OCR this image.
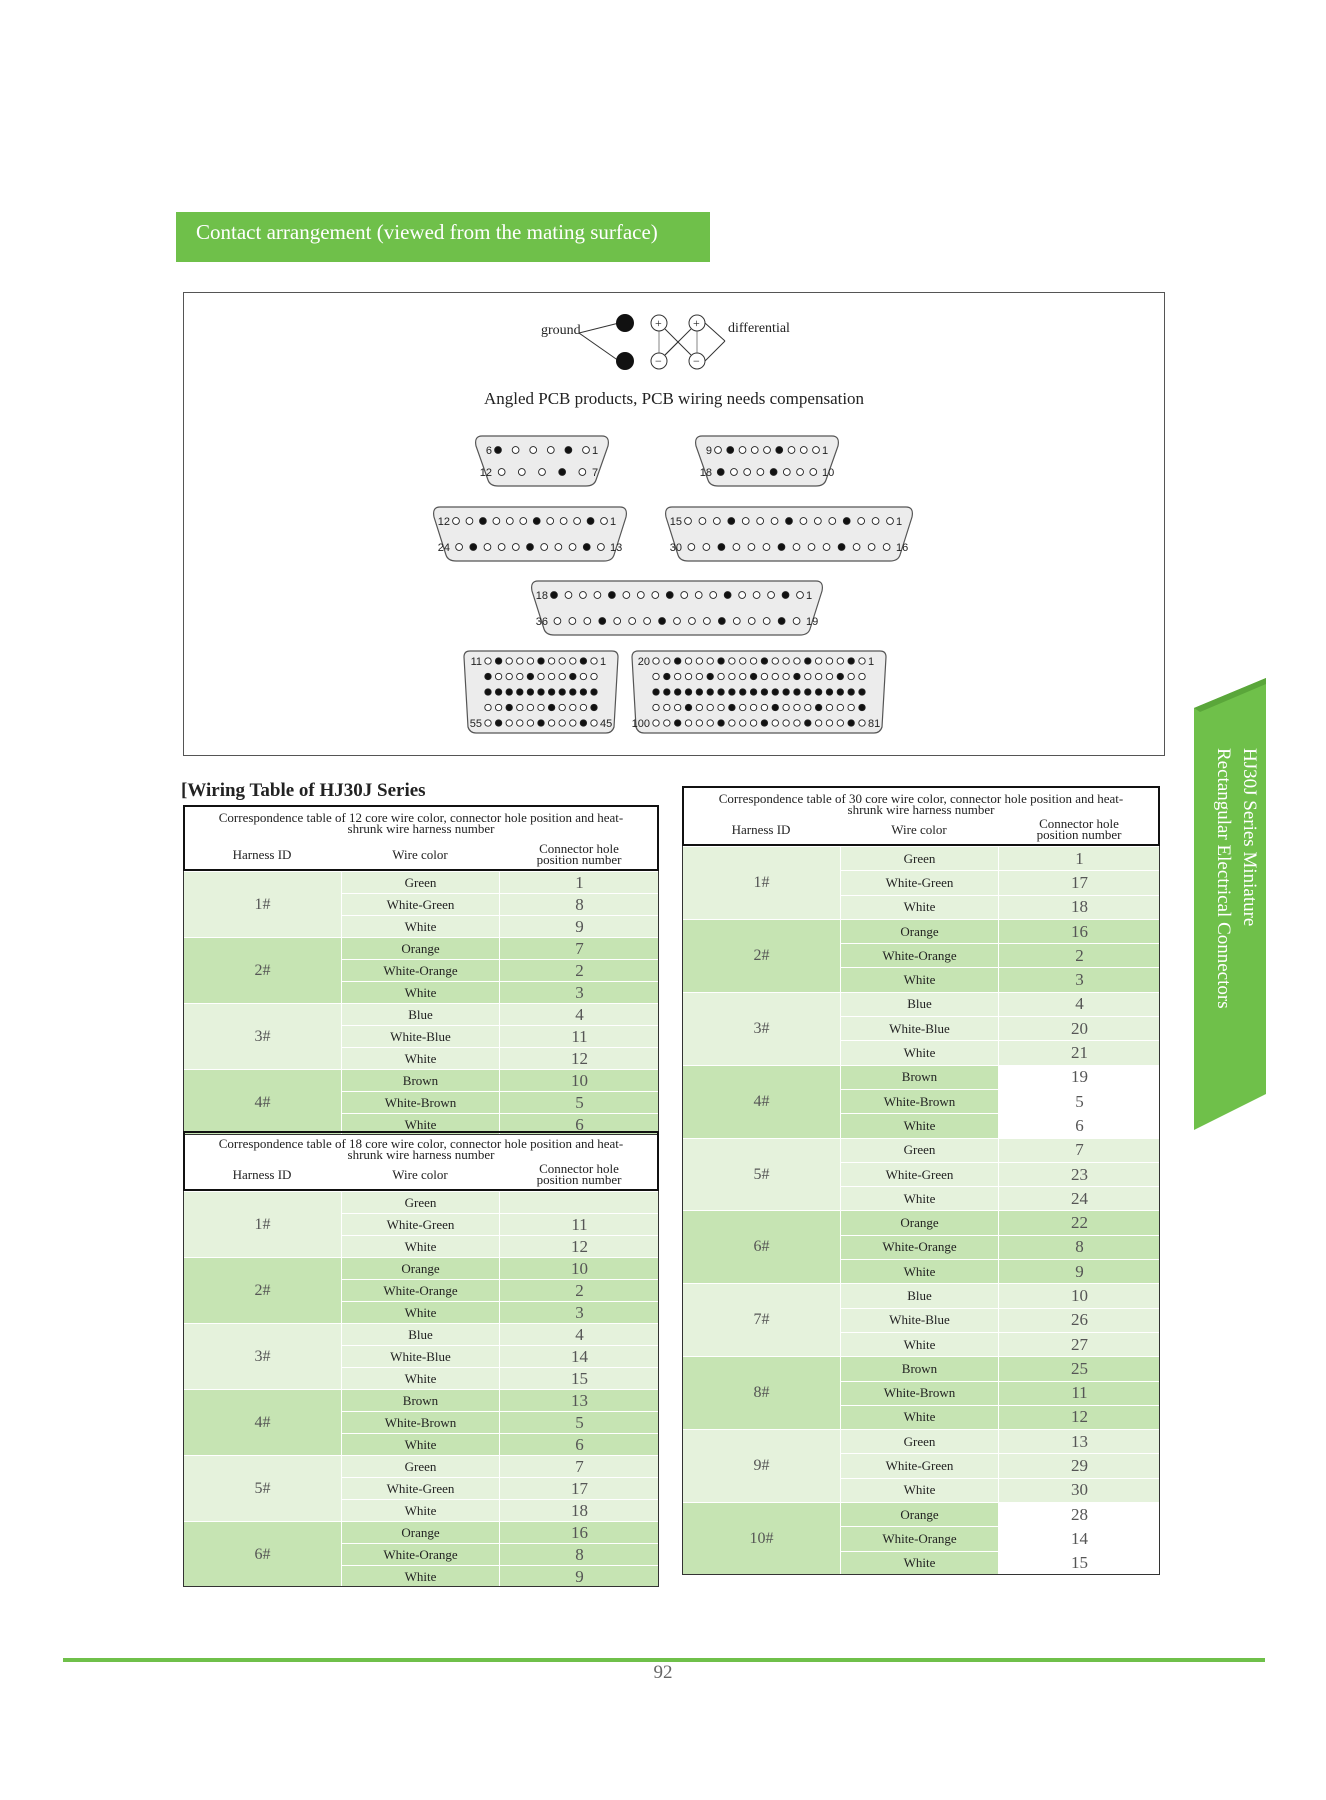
Contact arrangement (viewed from the mating surface)
ground	differential
+	+
−	−
Angled PCB products, PCB wiring needs compensation
6	1
12	7
9	1
18	10
12	1
24	13
15	1
30	16
18	1
36	19
11	1
55	45
20	1
100	81
HJ30J Series Miniature
Rectangular Electrical Connectors
[Wiring Table of HJ30J Series
Correspondence table of 12 core wire color, connector hole position and heat-
shrunk wire harness number
Harness ID	Wire color	Connector hole
position number
1#	Green	1
	White-Green	8
	White	9
2#	Orange	7
	White-Orange	2
	White	3
3#	Blue	4
	White-Blue	11
	White	12
4#	Brown	10
	White-Brown	5
	White	6
Correspondence table of 18 core wire color, connector hole position and heat-
shrunk wire harness number
Harness ID	Wire color	Connector hole
position number
1#	Green	
	White-Green	11
	White	12
2#	Orange	10
	White-Orange	2
	White	3
3#	Blue	4
	White-Blue	14
	White	15
4#	Brown	13
	White-Brown	5
	White	6
5#	Green	7
	White-Green	17
	White	18
6#	Orange	16
	White-Orange	8
	White	9
Correspondence table of 30 core wire color, connector hole position and heat-
shrunk wire harness number
Harness ID	Wire color	Connector hole
position number
1#	Green	1
	White-Green	17
	White	18
2#	Orange	16
	White-Orange	2
	White	3
3#	Blue	4
	White-Blue	20
	White	21
4#	Brown	19
	White-Brown	5
	White	6
5#	Green	7
	White-Green	23
	White	24
6#	Orange	22
	White-Orange	8
	White	9
7#	Blue	10
	White-Blue	26
	White	27
8#	Brown	25
	White-Brown	11
	White	12
9#	Green	13
	White-Green	29
	White	30
10#	Orange	28
	White-Orange	14
	White	15
92
